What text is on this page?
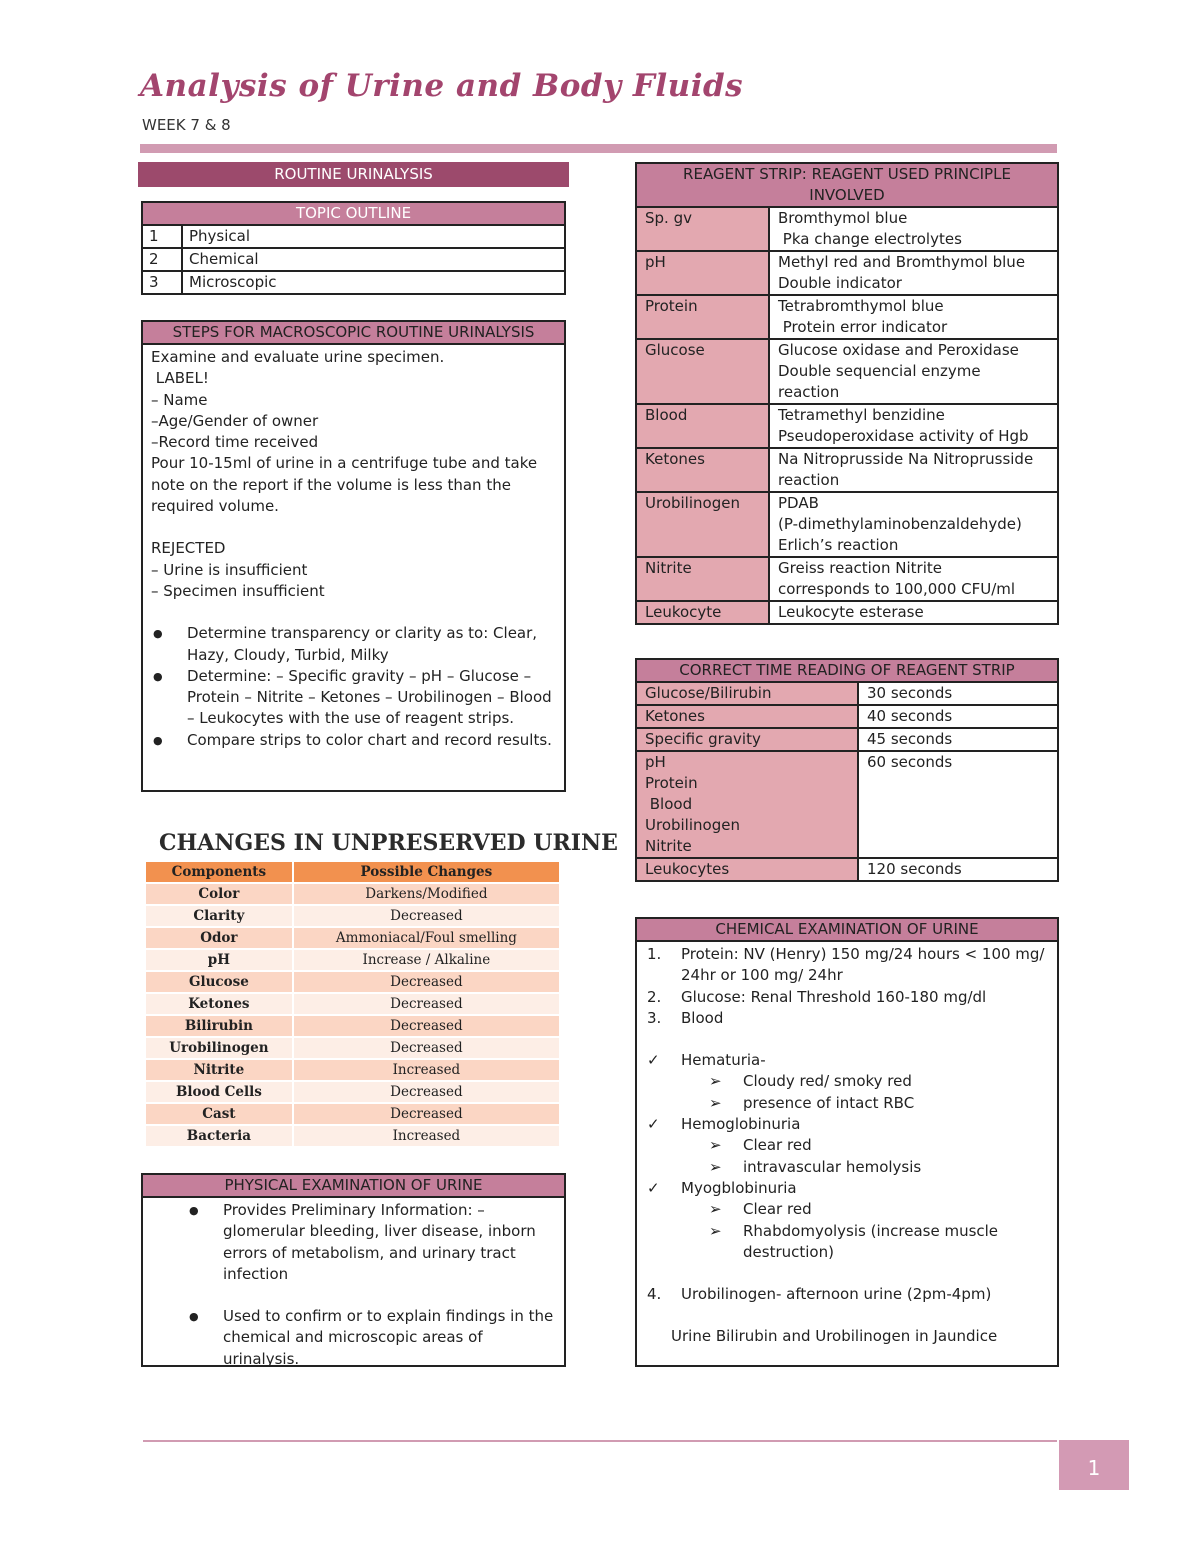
Analysis of Urine and Body Fluids
WEEK 7 & 8
ROUTINE URINALYSIS
TOPIC OUTLINE	
1	Physical
2	Chemical
3	Microscopic
STEPS FOR MACROSCOPIC ROUTINE URINALYSIS
Examine and evaluate urine specimen.
LABEL!
– Name
–Age/Gender of owner
–Record time received
Pour 10-15ml of urine in a centrifuge tube and take note on the report if the volume is less than the required volume.
REJECTED
– Urine is insufficient
– Specimen insufficient
● Determine transparency or clarity as to: Clear, Hazy, Cloudy, Turbid, Milky
● Determine: – Specific gravity – pH – Glucose – Protein – Nitrite – Ketones – Urobilinogen – Blood – Leukocytes with the use of reagent strips.
● Compare strips to color chart and record results.
CHANGES IN UNPRESERVED URINE
Components	Possible Changes
Color	Darkens/Modified
Clarity	Decreased
Odor	Ammoniacal/Foul smelling
pH	Increase / Alkaline
Glucose	Decreased
Ketones	Decreased
Bilirubin	Decreased
Urobilinogen	Decreased
Nitrite	Increased
Blood Cells	Decreased
Cast	Decreased
Bacteria	Increased
PHYSICAL EXAMINATION OF URINE
● Provides Preliminary Information: – glomerular bleeding, liver disease, inborn errors of metabolism, and urinary tract infection
● Used to confirm or to explain findings in the chemical and microscopic areas of urinalysis.
REAGENT STRIP: REAGENT USED PRINCIPLE INVOLVED	
Sp. gv	Bromthymol blue
Pka change electrolytes

pH	Methyl red and Bromthymol blue
Double indicator

Protein	Tetrabromthymol blue
Protein error indicator

Glucose	Glucose oxidase and Peroxidase
Double sequencial enzyme
reaction

Blood	Tetramethyl benzidine
Pseudoperoxidase activity of Hgb

Ketones	Na Nitroprusside Na Nitroprusside
reaction

Urobilinogen	PDAB
(P-dimethylaminobenzaldehyde)
Erlich’s reaction

Nitrite	Greiss reaction Nitrite
corresponds to 100,000 CFU/ml

Leukocyte	Leukocyte esterase
CORRECT TIME READING OF REAGENT STRIP	

Glucose/Bilirubin	30 seconds

Ketones	40 seconds

Specific gravity	45 seconds

pH
Protein
Blood
Urobilinogen
Nitrite	60 seconds

Leukocytes	120 seconds
CHEMICAL EXAMINATION OF URINE
1. Protein: NV (Henry) 150 mg/24 hours < 100 mg/ 24hr or 100 mg/ 24hr
2. Glucose: Renal Threshold 160-180 mg/dl
3. Blood
✓ Hematuria-
➢ Cloudy red/ smoky red
➢ presence of intact RBC
✓ Hemoglobinuria
➢ Clear red
➢ intravascular hemolysis
✓ Myogblobinuria
➢ Clear red
➢ Rhabdomyolysis (increase muscle destruction)
4. Urobilinogen- afternoon urine (2pm-4pm)
Urine Bilirubin and Urobilinogen in Jaundice
1
